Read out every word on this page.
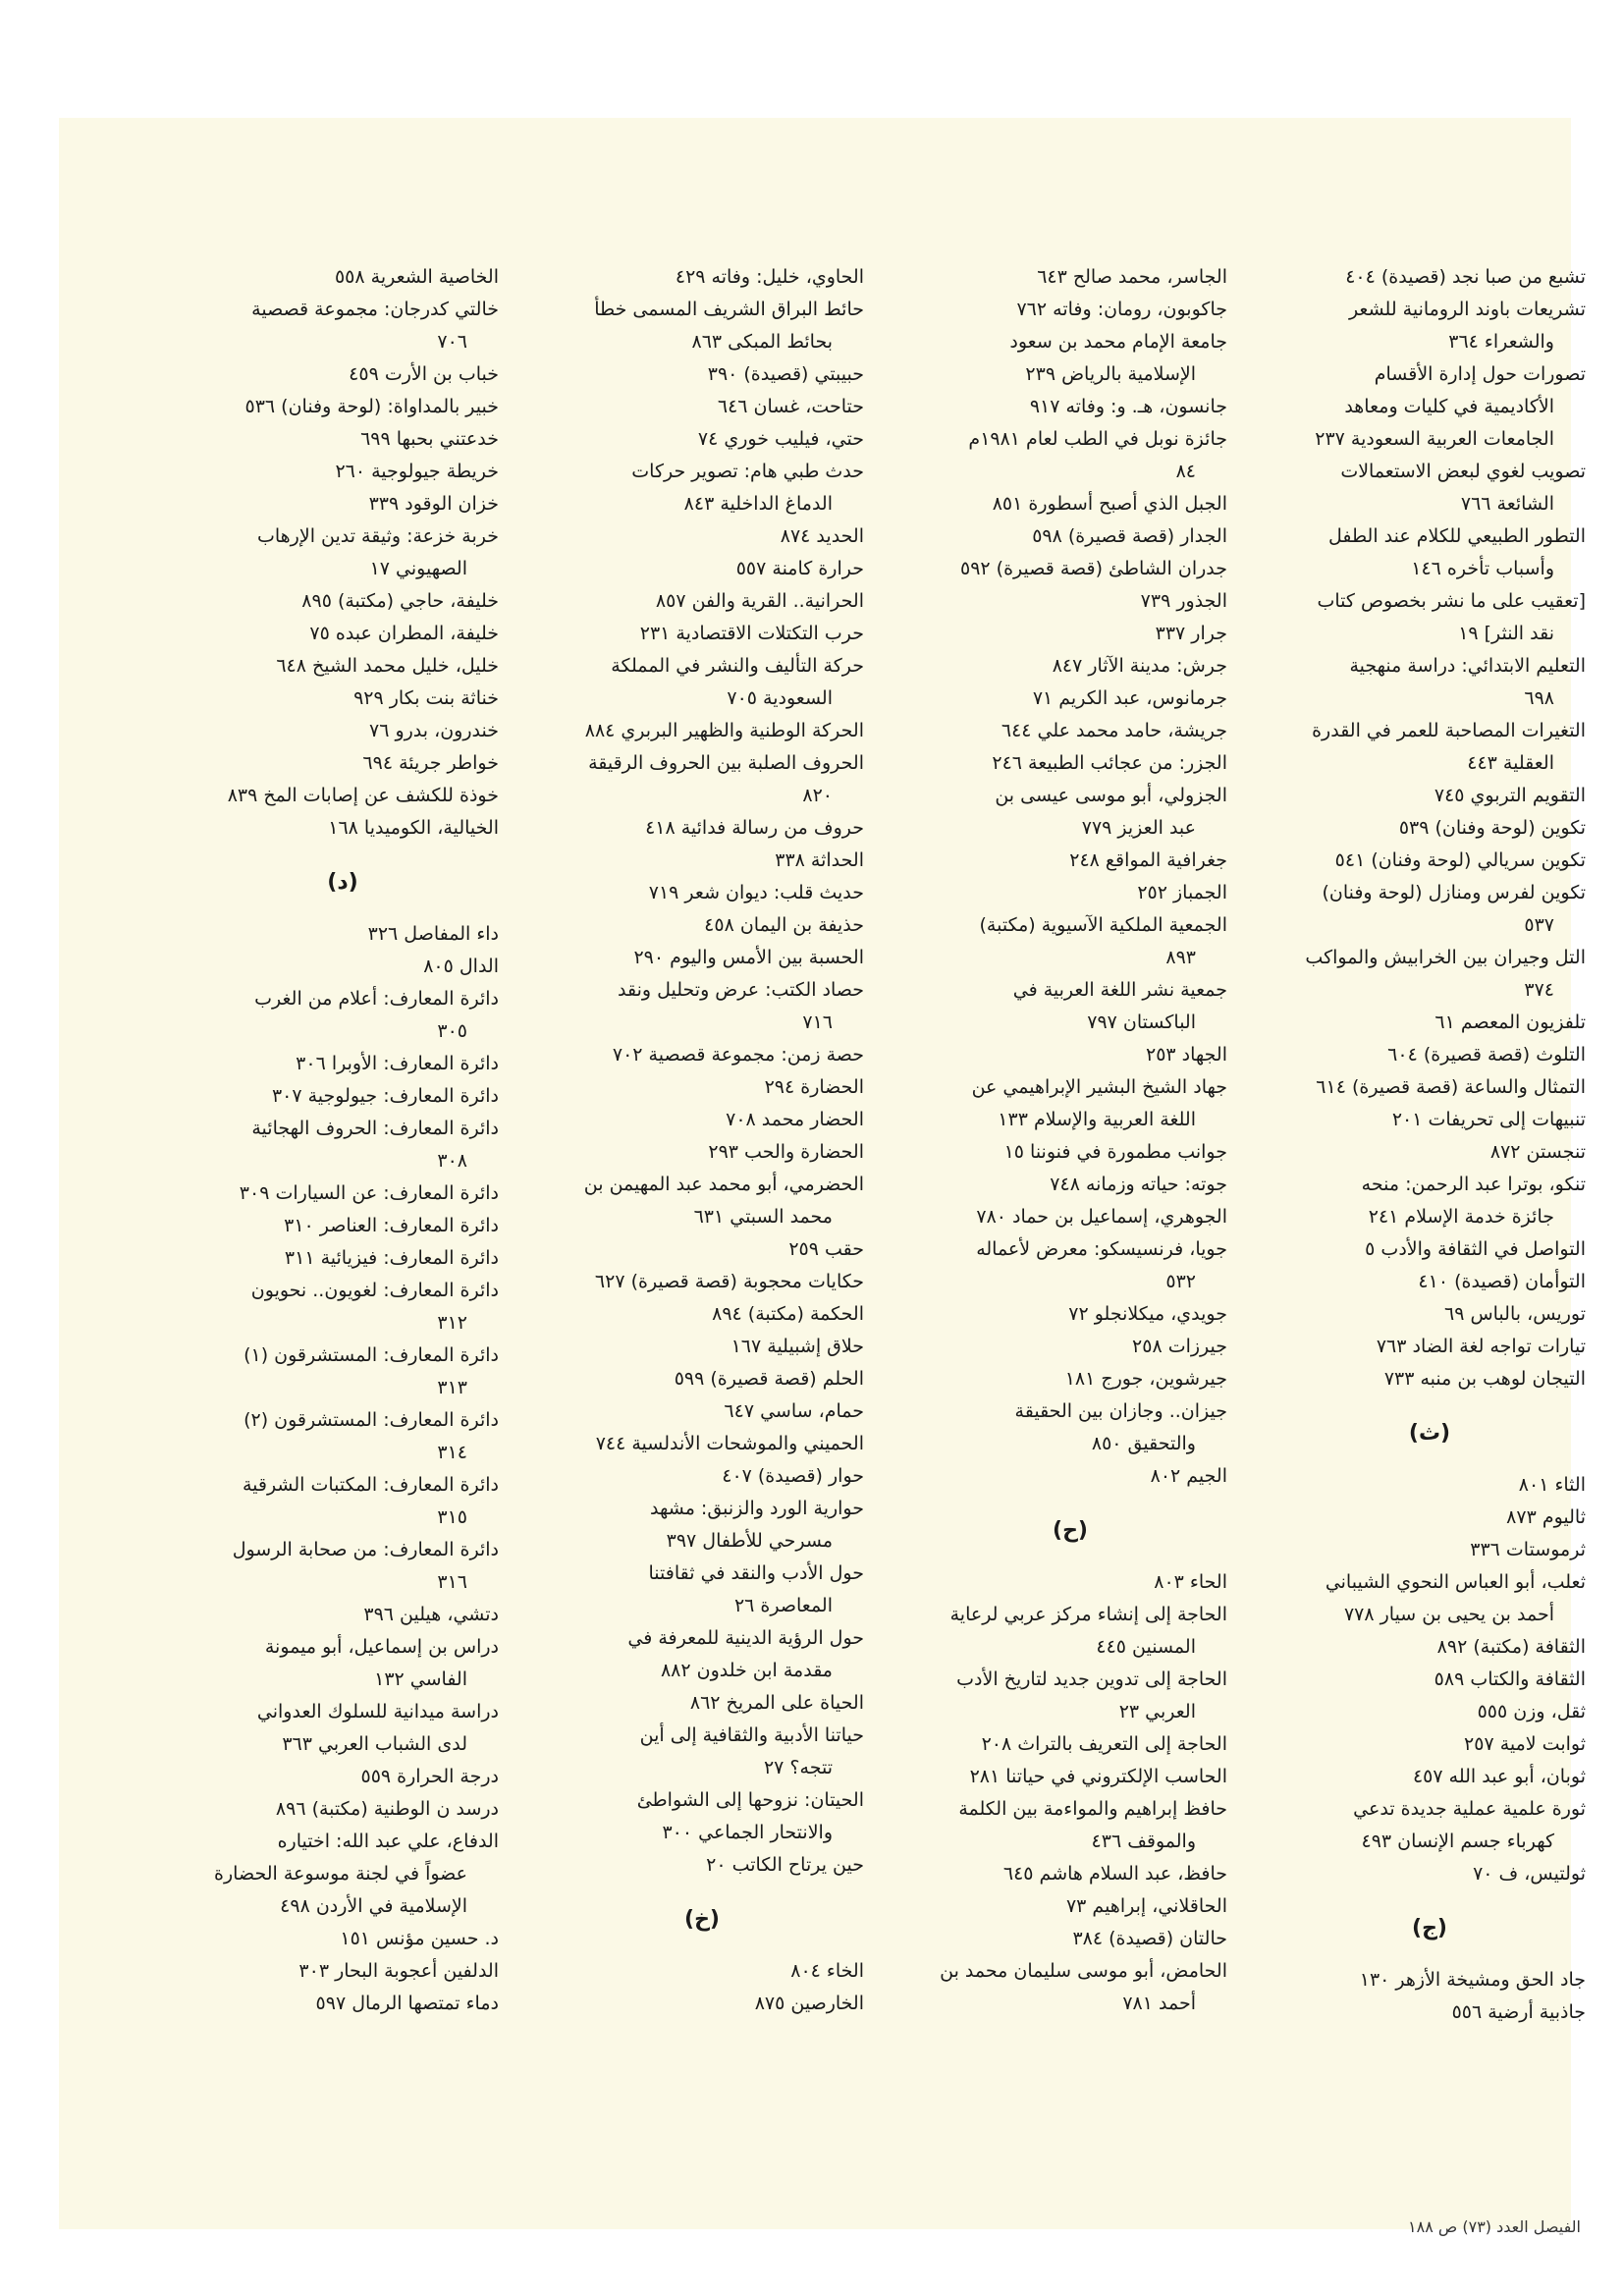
تشبع من صبا نجد (قصيدة) ٤٠٤

تشريعات باوند الرومانية للشعر

والشعراء ٣٦٤

تصورات حول إدارة الأقسام

الأكاديمية في كليات ومعاهد

الجامعات العربية السعودية ٢٣٧

تصويب لغوي لبعض الاستعمالات

الشائعة ٧٦٦

التطور الطبيعي للكلام عند الطفل

وأسباب تأخره ١٤٦

[تعقيب على ما نشر بخصوص كتاب

نقد النثر] ١٩

التعليم الابتدائي: دراسة منهجية

٦٩٨

التغيرات المصاحبة للعمر في القدرة

العقلية ٤٤٣

التقويم التربوي ٧٤٥

تكوين (لوحة وفنان) ٥٣٩

تكوين سريالي (لوحة وفنان) ٥٤١

تكوين لفرس ومنازل (لوحة وفنان)

٥٣٧

التل وجيران بين الخرابيش والمواكب

٣٧٤

تلفزيون المعصم ٦١

التلوث (قصة قصيرة) ٦٠٤

التمثال والساعة (قصة قصيرة) ٦١٤

تنبيهات إلى تحريفات ٢٠١

تنجستن ٨٧٢

تنكو، بوترا عبد الرحمن: منحه

جائزة خدمة الإسلام ٢٤١

التواصل في الثقافة والأدب ٥

التوأمان (قصيدة) ٤١٠

توريس، بالباس ٦٩

تيارات تواجه لغة الضاد ٧٦٣

التيجان لوهب بن منبه ٧٣٣

(ث)

الثاء ٨٠١

ثاليوم ٨٧٣

ثرموستات ٣٣٦

ثعلب، أبو العباس النحوي الشيباني

أحمد بن يحيى بن سيار ٧٧٨

الثقافة (مكتبة) ٨٩٢

الثقافة والكتاب ٥٨٩

ثقل، وزن ٥٥٥

ثوابت لامية ٢٥٧

ثوبان، أبو عبد الله ٤٥٧

ثورة علمية عملية جديدة تدعي

كهرباء جسم الإنسان ٤٩٣

ثولتيس، ف ٧٠

(ج)

جاد الحق ومشيخة الأزهر ١٣٠

جاذبية أرضية ٥٥٦

الجاسر، محمد صالح ٦٤٣

جاكوبون، رومان: وفاته ٧٦٢

جامعة الإمام محمد بن سعود

الإسلامية بالرياض ٢٣٩

جانسون، هـ. و: وفاته ٩١٧

جائزة نوبل في الطب لعام ١٩٨١م

٨٤

الجبل الذي أصبح أسطورة ٨٥١

الجدار (قصة قصيرة) ٥٩٨

جدران الشاطئ (قصة قصيرة) ٥٩٢

الجذور ٧٣٩

جرار ٣٣٧

جرش: مدينة الآثار ٨٤٧

جرمانوس، عبد الكريم ٧١

جريشة، حامد محمد علي ٦٤٤

الجزر: من عجائب الطبيعة ٢٤٦

الجزولي، أبو موسى عيسى بن

عبد العزيز ٧٧٩

جغرافية المواقع ٢٤٨

الجمباز ٢٥٢

الجمعية الملكية الآسيوية (مكتبة)

٨٩٣

جمعية نشر اللغة العربية في

الباكستان ٧٩٧

الجهاد ٢٥٣

جهاد الشيخ البشير الإبراهيمي عن

اللغة العربية والإسلام ١٣٣

جوانب مطمورة في فنوننا ١٥

جوته: حياته وزمانه ٧٤٨

الجوهري، إسماعيل بن حماد ٧٨٠

جويا، فرنسيسكو: معرض لأعماله

٥٣٢

جويدي، ميكلانجلو ٧٢

جيرزات ٢٥٨

جيرشوين، جورج ١٨١

جيزان.. وجازان بين الحقيقة

والتحقيق ٨٥٠

الجيم ٨٠٢

(ح)

الحاء ٨٠٣

الحاجة إلى إنشاء مركز عربي لرعاية

المسنين ٤٤٥

الحاجة إلى تدوين جديد لتاريخ الأدب

العربي ٢٣

الحاجة إلى التعريف بالتراث ٢٠٨

الحاسب الإلكتروني في حياتنا ٢٨١

حافظ إبراهيم والمواءمة بين الكلمة

والموقف ٤٣٦

حافظ، عبد السلام هاشم ٦٤٥

الحاقلاني، إبراهيم ٧٣

حالتان (قصيدة) ٣٨٤

الحامض، أبو موسى سليمان محمد بن

أحمد ٧٨١

الحاوي، خليل: وفاته ٤٢٩

حائط البراق الشريف المسمى خطأ

بحائط المبكى ٨٦٣

حبيبتي (قصيدة) ٣٩٠

حتاحت، غسان ٦٤٦

حتي، فيليب خوري ٧٤

حدث طبي هام: تصوير حركات

الدماغ الداخلية ٨٤٣

الحديد ٨٧٤

حرارة كامنة ٥٥٧

الحرانية.. القرية والفن ٨٥٧

حرب التكتلات الاقتصادية ٢٣١

حركة التأليف والنشر في المملكة

السعودية ٧٠٥

الحركة الوطنية والظهير البربري ٨٨٤

الحروف الصلبة بين الحروف الرقيقة

٨٢٠

حروف من رسالة فدائية ٤١٨

الحداثة ٣٣٨

حديث قلب: ديوان شعر ٧١٩

حذيفة بن اليمان ٤٥٨

الحسبة بين الأمس واليوم ٢٩٠

حصاد الكتب: عرض وتحليل ونقد

٧١٦

حصة زمن: مجموعة قصصية ٧٠٢

الحضارة ٢٩٤

الحضار محمد ٧٠٨

الحضارة والحب ٢٩٣

الحضرمي، أبو محمد عبد المهيمن بن

محمد السبتي ٦٣١

حقب ٢٥٩

حكايات محجوبة (قصة قصيرة) ٦٢٧

الحكمة (مكتبة) ٨٩٤

حلاق إشبيلية ١٦٧

الحلم (قصة قصيرة) ٥٩٩

حمام، ساسي ٦٤٧

الحميني والموشحات الأندلسية ٧٤٤

حوار (قصيدة) ٤٠٧

حوارية الورد والزنبق: مشهد

مسرحي للأطفال ٣٩٧

حول الأدب والنقد في ثقافتنا

المعاصرة ٢٦

حول الرؤية الدينية للمعرفة في

مقدمة ابن خلدون ٨٨٢

الحياة على المريخ ٨٦٢

حياتنا الأدبية والثقافية إلى أين

تتجه؟ ٢٧

الحيتان: نزوحها إلى الشواطئ

والانتحار الجماعي ٣٠٠

حين يرتاح الكاتب ٢٠

(خ)

الخاء ٨٠٤

الخارصين ٨٧٥

الخاصية الشعرية ٥٥٨

خالتي كدرجان: مجموعة قصصية

٧٠٦

خباب بن الأرت ٤٥٩

خبير بالمداواة: (لوحة وفنان) ٥٣٦

خدعتني بحبها ٦٩٩

خريطة جيولوجية ٢٦٠

خزان الوقود ٣٣٩

خربة خزعة: وثيقة تدين الإرهاب

الصهيوني ١٧

خليفة، حاجي (مكتبة) ٨٩٥

خليفة، المطران عبده ٧٥

خليل، خليل محمد الشيخ ٦٤٨

خناثة بنت بكار ٩٢٩

خندرون، بدرو ٧٦

خواطر جريئة ٦٩٤

خوذة للكشف عن إصابات المخ ٨٣٩

الخيالية، الكوميديا ١٦٨

(د)

داء المفاصل ٣٢٦

الدال ٨٠٥

دائرة المعارف: أعلام من الغرب

٣٠٥

دائرة المعارف: الأوبرا ٣٠٦

دائرة المعارف: جيولوجية ٣٠٧

دائرة المعارف: الحروف الهجائية

٣٠٨

دائرة المعارف: عن السيارات ٣٠٩

دائرة المعارف: العناصر ٣١٠

دائرة المعارف: فيزيائية ٣١١

دائرة المعارف: لغويون.. نحويون

٣١٢

دائرة المعارف: المستشرقون (١)

٣١٣

دائرة المعارف: المستشرقون (٢)

٣١٤

دائرة المعارف: المكتبات الشرقية

٣١٥

دائرة المعارف: من صحابة الرسول

٣١٦

دتشي، هيلين ٣٩٦

دراس بن إسماعيل، أبو ميمونة

الفاسي ١٣٢

دراسة ميدانية للسلوك العدواني

لدى الشباب العربي ٣٦٣

درجة الحرارة ٥٥٩

درسد ن الوطنية (مكتبة) ٨٩٦

الدفاع، علي عبد الله: اختياره

عضواً في لجنة موسوعة الحضارة

الإسلامية في الأردن ٤٩٨

د. حسين مؤنس ١٥١

الدلفين أعجوبة البحار ٣٠٣

دماء تمتصها الرمال ٥٩٧

الفيصل العدد (٧٣) ص ١٨٨
